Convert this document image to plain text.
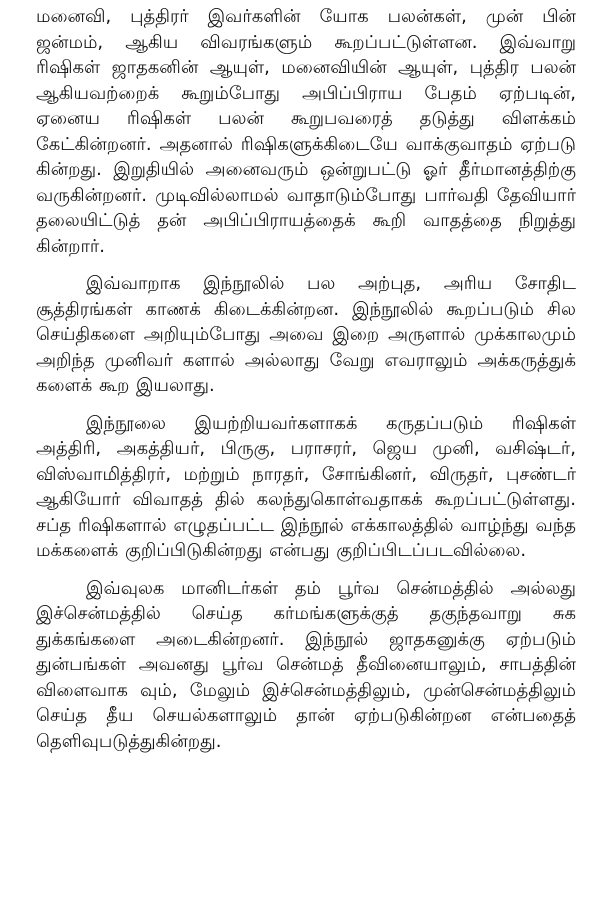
மனைவி, புத்திரர் இவர்களின் யோக பலன்கள், முன் பின் ஜன்மம், ஆகிய விவரங்களும் கூறப்பட்டுள்ளன. இவ்வாறு ரிஷிகள் ஜாதகனின் ஆயுள், மனைவியின் ஆயுள், புத்திர பலன் ஆகியவற்றைக் கூறும்போது அபிப்பிராய பேதம் ஏற்படின், ஏனைய ரிஷிகள் பலன் கூறுபவரைத் தடுத்து விளக்கம் கேட்கின்றனர். அதனால் ரிஷிகளுக்கிடையே வாக்குவாதம் ஏற்படு கின்றது. இறுதியில் அனைவரும் ஒன்றுபட்டு ஓர் தீர்மானத்திற்கு வருகின்றனர். முடிவில்லாமல் வாதாடும்போது பார்வதி தேவியார் தலையிட்டுத் தன் அபிப்பிராயத்தைக் கூறி வாதத்தை நிறுத்து கின்றார்.

இவ்வாறாக இந்நூலில் பல அற்புத, அரிய சோதிட சூத்திரங்கள் காணக் கிடைக்கின்றன. இந்நூலில் கூறப்படும் சில செய்திகளை அறியும்போது அவை இறை அருளால் முக்காலமும் அறிந்த முனிவர் களால் அல்லாது வேறு எவராலும் அக்கருத்துக் களைக் கூற இயலாது.

இந்நூலை இயற்றியவர்களாகக் கருதப்படும் ரிஷிகள் அத்திரி, அகத்தியர், பிருகு, பராசரர், ஜெய முனி, வசிஷ்டர், விஸ்வாமித்திரர், மற்றும் நாரதர், சோங்கினர், விருதர், புசண்டர் ஆகியோர் விவாதத் தில் கலந்துகொள்வதாகக் கூறப்பட்டுள்ளது. சப்த ரிஷிகளால் எழுதப்பட்ட இந்நூல் எக்காலத்தில் வாழ்ந்து வந்த மக்களைக் குறிப்பிடுகின்றது என்பது குறிப்பிடப்படவில்லை.

இவ்வுலக மானிடர்கள் தம் பூர்வ சென்மத்தில் அல்லது இச்சென்மத்தில் செய்த கர்மங்களுக்குத் தகுந்தவாறு சுக துக்கங்களை அடைகின்றனர். இந்நூல் ஜாதகனுக்கு ஏற்படும் துன்பங்கள் அவனது பூர்வ சென்மத் தீவினையாலும், சாபத்தின் விளைவாக வும், மேலும் இச்சென்மத்திலும், முன்சென்மத்திலும் செய்த தீய செயல்களாலும் தான் ஏற்படுகின்றன என்பதைத் தெளிவுபடுத்துகின்றது.
